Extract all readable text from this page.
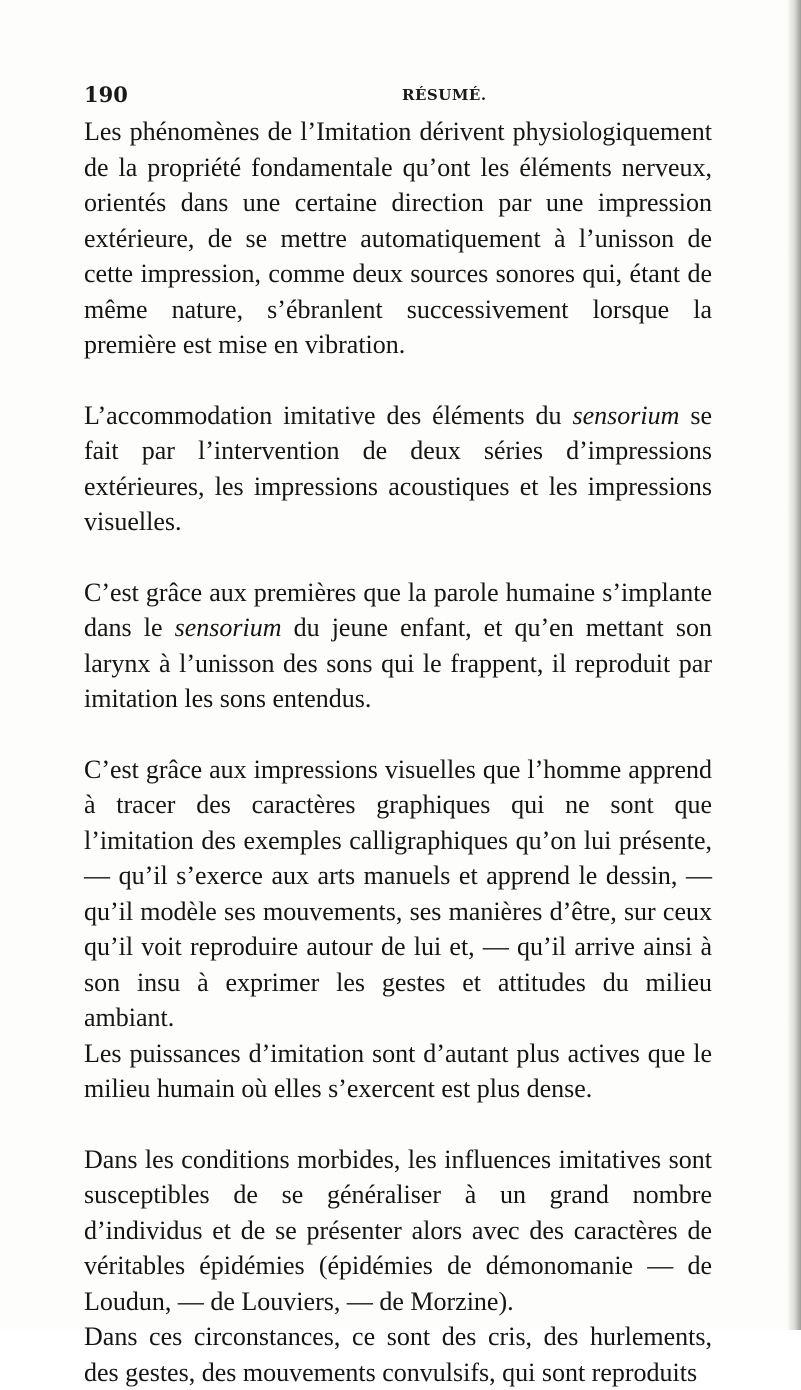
190	RÉSUMÉ.

Les phénomènes de l’Imitation dérivent physiologiquement de la propriété fondamentale qu’ont les éléments nerveux, orientés dans une certaine direction par une impression extérieure, de se mettre automatiquement à l’unisson de cette impression, comme deux sources sonores qui, étant de même nature, s’ébranlent successivement lorsque la première est mise en vibration.

L’accommodation imitative des éléments du sensorium se fait par l’intervention de deux séries d’impressions extérieures, les impressions acoustiques et les impressions visuelles.

C’est grâce aux premières que la parole humaine s’implante dans le sensorium du jeune enfant, et qu’en mettant son larynx à l’unisson des sons qui le frappent, il reproduit par imitation les sons entendus.

C’est grâce aux impressions visuelles que l’homme apprend à tracer des caractères graphiques qui ne sont que l’imitation des exemples calligraphiques qu’on lui présente, — qu’il s’exerce aux arts manuels et apprend le dessin, — qu’il modèle ses mouvements, ses manières d’être, sur ceux qu’il voit reproduire autour de lui et, — qu’il arrive ainsi à son insu à exprimer les gestes et attitudes du milieu ambiant.

Les puissances d’imitation sont d’autant plus actives que le milieu humain où elles s’exercent est plus dense.

Dans les conditions morbides, les influences imitatives sont susceptibles de se généraliser à un grand nombre d’individus et de se présenter alors avec des caractères de véritables épidémies (épidémies de démonomanie — de Loudun, — de Louviers, — de Morzine).

Dans ces circonstances, ce sont des cris, des hurlements, des gestes, des mouvements convulsifs, qui sont reproduits
